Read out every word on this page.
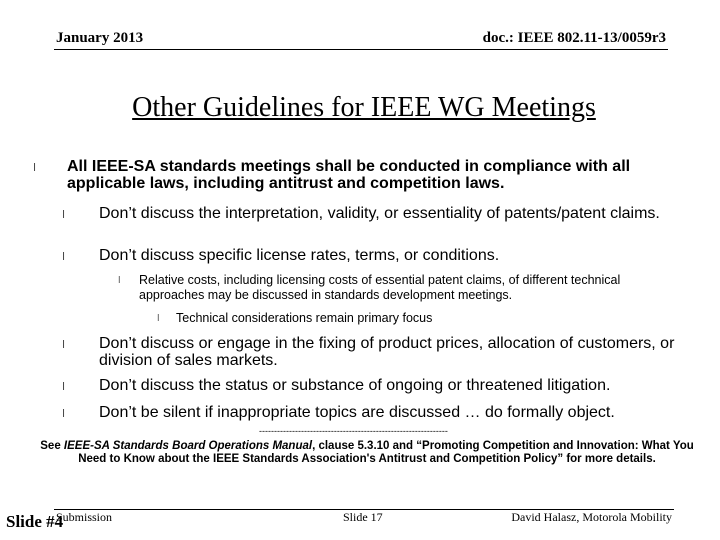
January 2013	doc.: IEEE 802.11-13/0059r3
Other Guidelines for IEEE WG Meetings
l All IEEE-SA standards meetings shall be conducted in compliance with all applicable laws, including antitrust and competition laws.
l Don’t discuss the interpretation, validity, or essentiality of patents/patent claims.
l Don’t discuss specific license rates, terms, or conditions.
l Relative costs, including licensing costs of essential patent claims, of different technical approaches may be discussed in standards development meetings.
l Technical considerations remain primary focus
l Don’t discuss or engage in the fixing of product prices, allocation of customers, or division of sales markets.
l Don’t discuss the status or substance of ongoing or threatened litigation.
l Don’t be silent if inappropriate topics are discussed … do formally object.
---------------------------------------------------------------
See IEEE-SA Standards Board Operations Manual, clause 5.3.10 and “Promoting Competition and Innovation: What You Need to Know about the IEEE Standards Association's Antitrust and Competition Policy” for more details.
Submission	Slide 17	David Halasz, Motorola Mobility
Slide #4
